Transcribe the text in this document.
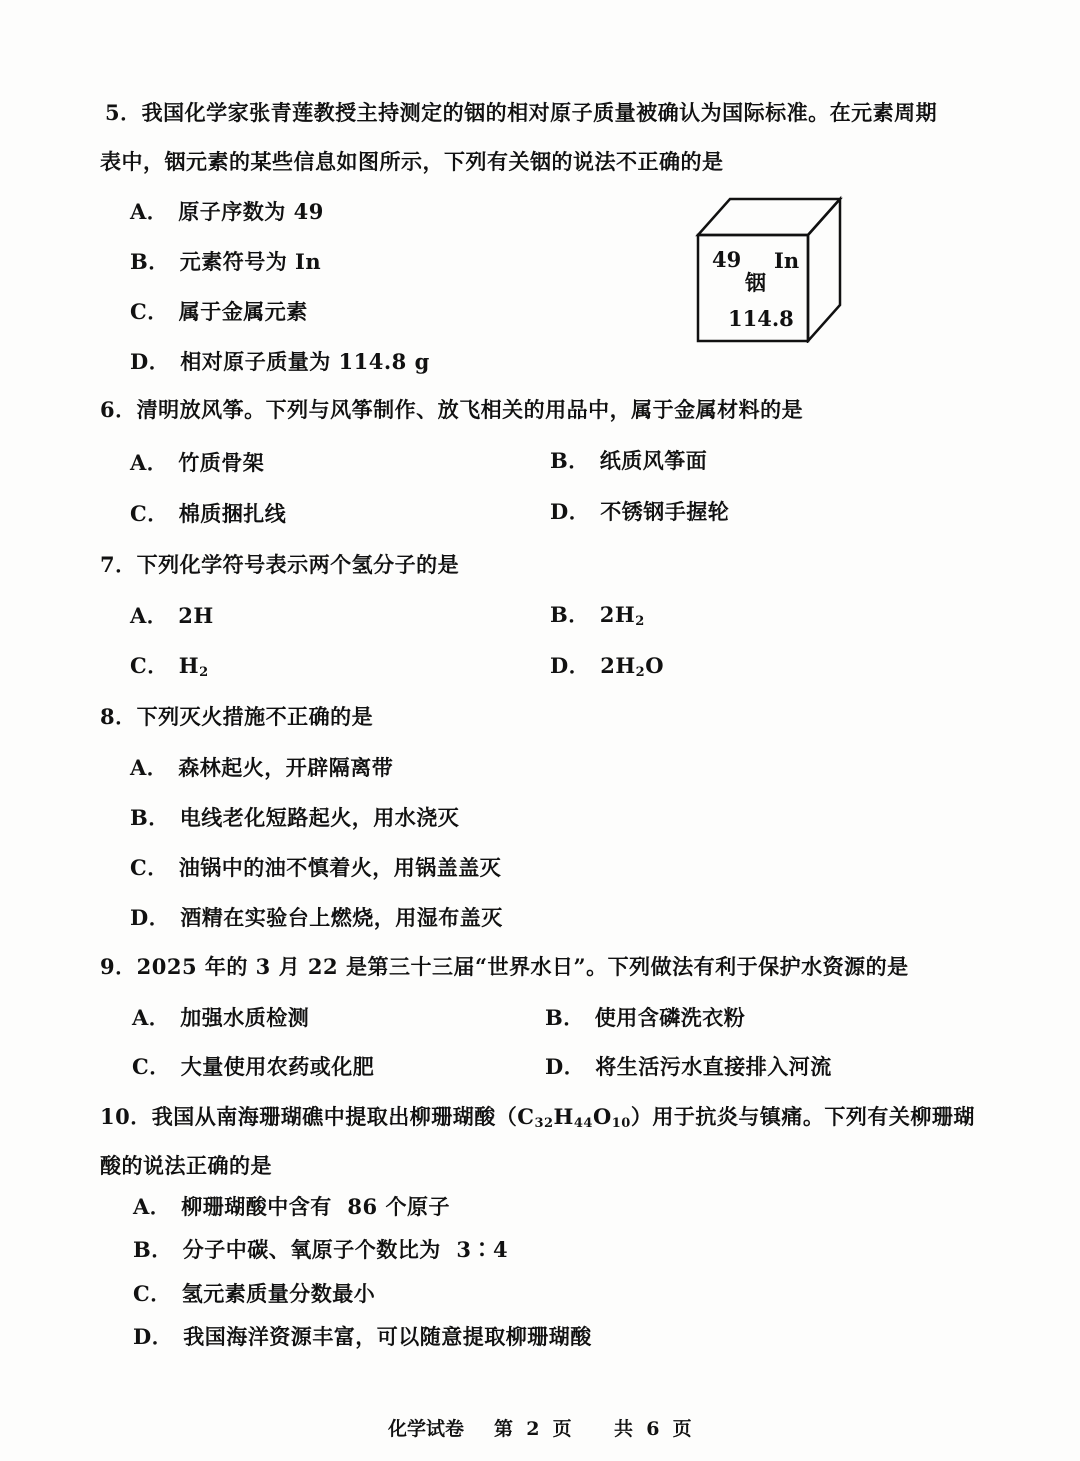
5．我国化学家张青莲教授主持测定的铟的相对原子质量被确认为国际标准。在元素周期
表中，铟元素的某些信息如图所示，下列有关铟的说法不正确的是
A． 原子序数为 49
B． 元素符号为 In
C． 属于金属元素
D． 相对原子质量为 114.8 g
49 In
铟
114.8
6．清明放风筝。下列与风筝制作、放飞相关的用品中，属于金属材料的是
A． 竹质骨架	B． 纸质风筝面
C． 棉质捆扎线	D． 不锈钢手握轮
7．下列化学符号表示两个氢分子的是
A． 2H	B． $2H_2$
C． $H_2$	D． $2H_2O$
8．下列灭火措施不正确的是
A． 森林起火，开辟隔离带
B． 电线老化短路起火，用水浇灭
C． 油锅中的油不慎着火，用锅盖盖灭
D． 酒精在实验台上燃烧，用湿布盖灭
9．2025 年的 3 月 22 是第三十三届“世界水日”。下列做法有利于保护水资源的是
A． 加强水质检测	B． 使用含磷洗衣粉
C． 大量使用农药或化肥	D． 将生活污水直接排入河流
10．我国从南海珊瑚礁中提取出柳珊瑚酸$(C_{32}H_{44}O_{10})$用于抗炎与镇痛。下列有关柳珊瑚
酸的说法正确的是
A． 柳珊瑚酸中含有  86 个原子
B． 分子中碳、氧原子个数比为  3∶4
C． 氢元素质量分数最小
D． 我国海洋资源丰富，可以随意提取柳珊瑚酸
化学试卷 第  2  页 共  6  页
